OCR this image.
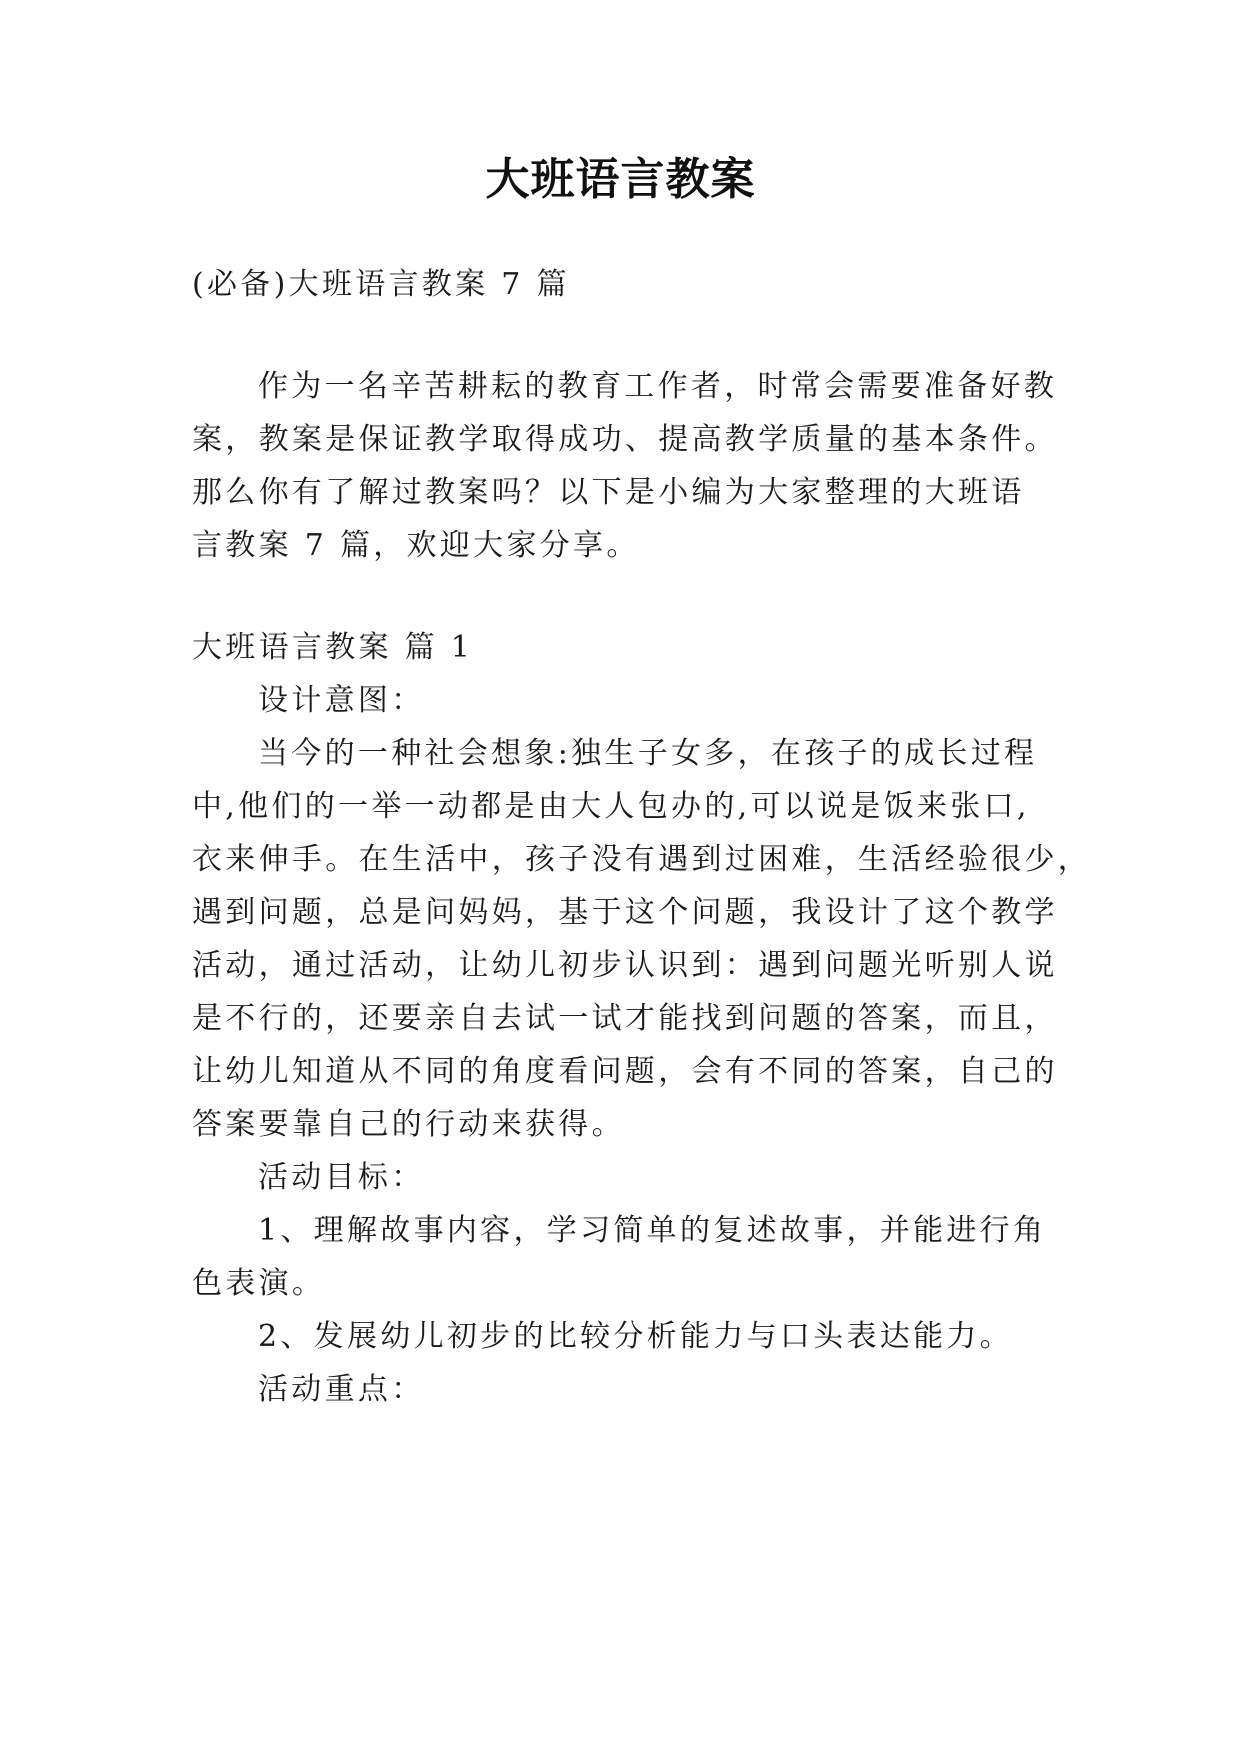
大班语言教案
(必备)大班语言教案 7 篇
作为一名辛苦耕耘的教育工作者，时常会需要准备好教
案，教案是保证教学取得成功、提高教学质量的基本条件。
那么你有了解过教案吗？以下是小编为大家整理的大班语
言教案 7 篇，欢迎大家分享。
大班语言教案 篇 1
设计意图：
当今的一种社会想象:独生子女多，在孩子的成长过程
中,他们的一举一动都是由大人包办的,可以说是饭来张口,
衣来伸手。在生活中，孩子没有遇到过困难，生活经验很少，
遇到问题，总是问妈妈，基于这个问题，我设计了这个教学
活动，通过活动，让幼儿初步认识到：遇到问题光听别人说
是不行的，还要亲自去试一试才能找到问题的答案，而且，
让幼儿知道从不同的角度看问题，会有不同的答案，自己的
答案要靠自己的行动来获得。
活动目标：
1、理解故事内容，学习简单的复述故事，并能进行角
色表演。
2、发展幼儿初步的比较分析能力与口头表达能力。
活动重点：
